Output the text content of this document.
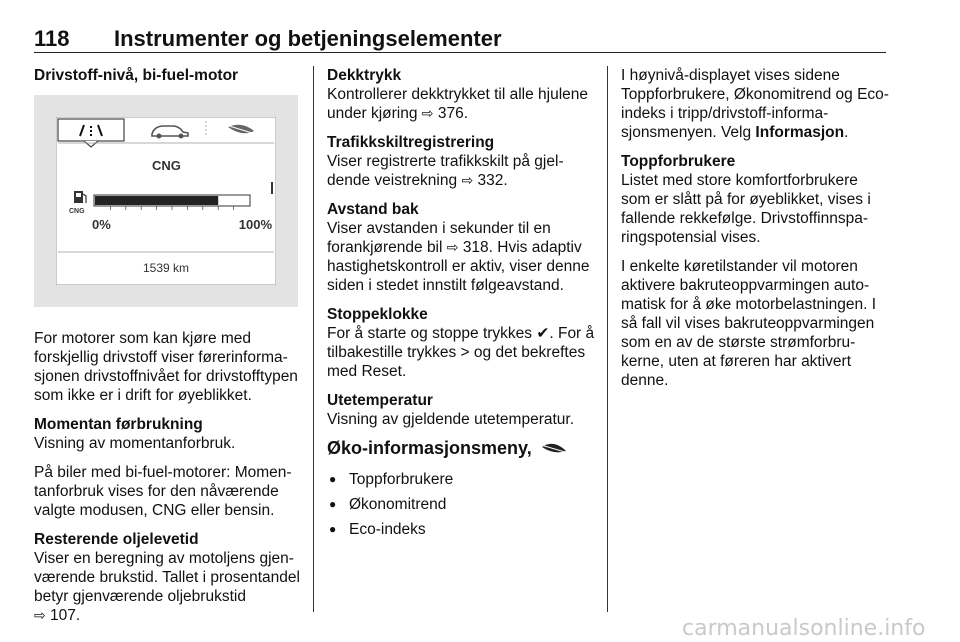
118 Instrumenter og betjeningselementer

Drivstoff-nivå, bi-fuel-motor

CNG
CNG
0%	100%
1539 km

For motorer som kan kjøre med forskjellig drivstoff viser førerinformasjonen drivstoffnivået for drivstofftypen som ikke er i drift for øyeblikket.

Momentan førbrukning

Visning av momentanforbruk.

På biler med bi-fuel-motorer: Momentanforbruk vises for den nåværende valgte modusen, CNG eller bensin.

Resterende oljelevetid

Viser en beregning av motoljens gjenværende brukstid. Tallet i prosentandel betyr gjenværende oljebrukstid
⇨ 107.

Dekktrykk

Kontrollerer dekktrykket til alle hjulene under kjøring ⇨ 376.

Trafikkskiltregistrering

Viser registrerte trafikkskilt på gjeldende veistrekning ⇨ 332.

Avstand bak

Viser avstanden i sekunder til en forankjørende bil ⇨ 318. Hvis adaptiv hastighetskontroll er aktiv, viser denne siden i stedet innstilt følgeavstand.

Stoppeklokke

For å starte og stoppe trykkes ✔. For å tilbakestille trykkes > og det bekreftes med Reset.

Utetemperatur

Visning av gjeldende utetemperatur.

Øko-informasjonsmeny,
● Toppforbrukere
● Økonomitrend
● Eco-indeks

I høynivå-displayet vises sidene Toppforbrukere, Økonomitrend og Eco-indeks i tripp/drivstoff-informasjonsmenyen. Velg Informasjon.

Toppforbrukere

Listet med store komfortforbrukere som er slått på for øyeblikket, vises i fallende rekkefølge. Drivstoffinnsparingspotensial vises.

I enkelte køretilstander vil motoren aktivere bakruteoppvarmingen automatisk for å øke motorbelastningen. I så fall vil vises bakruteoppvarmingen som en av de største strømforbrukerne, uten at føreren har aktivert denne.

carmanualsonline.info
